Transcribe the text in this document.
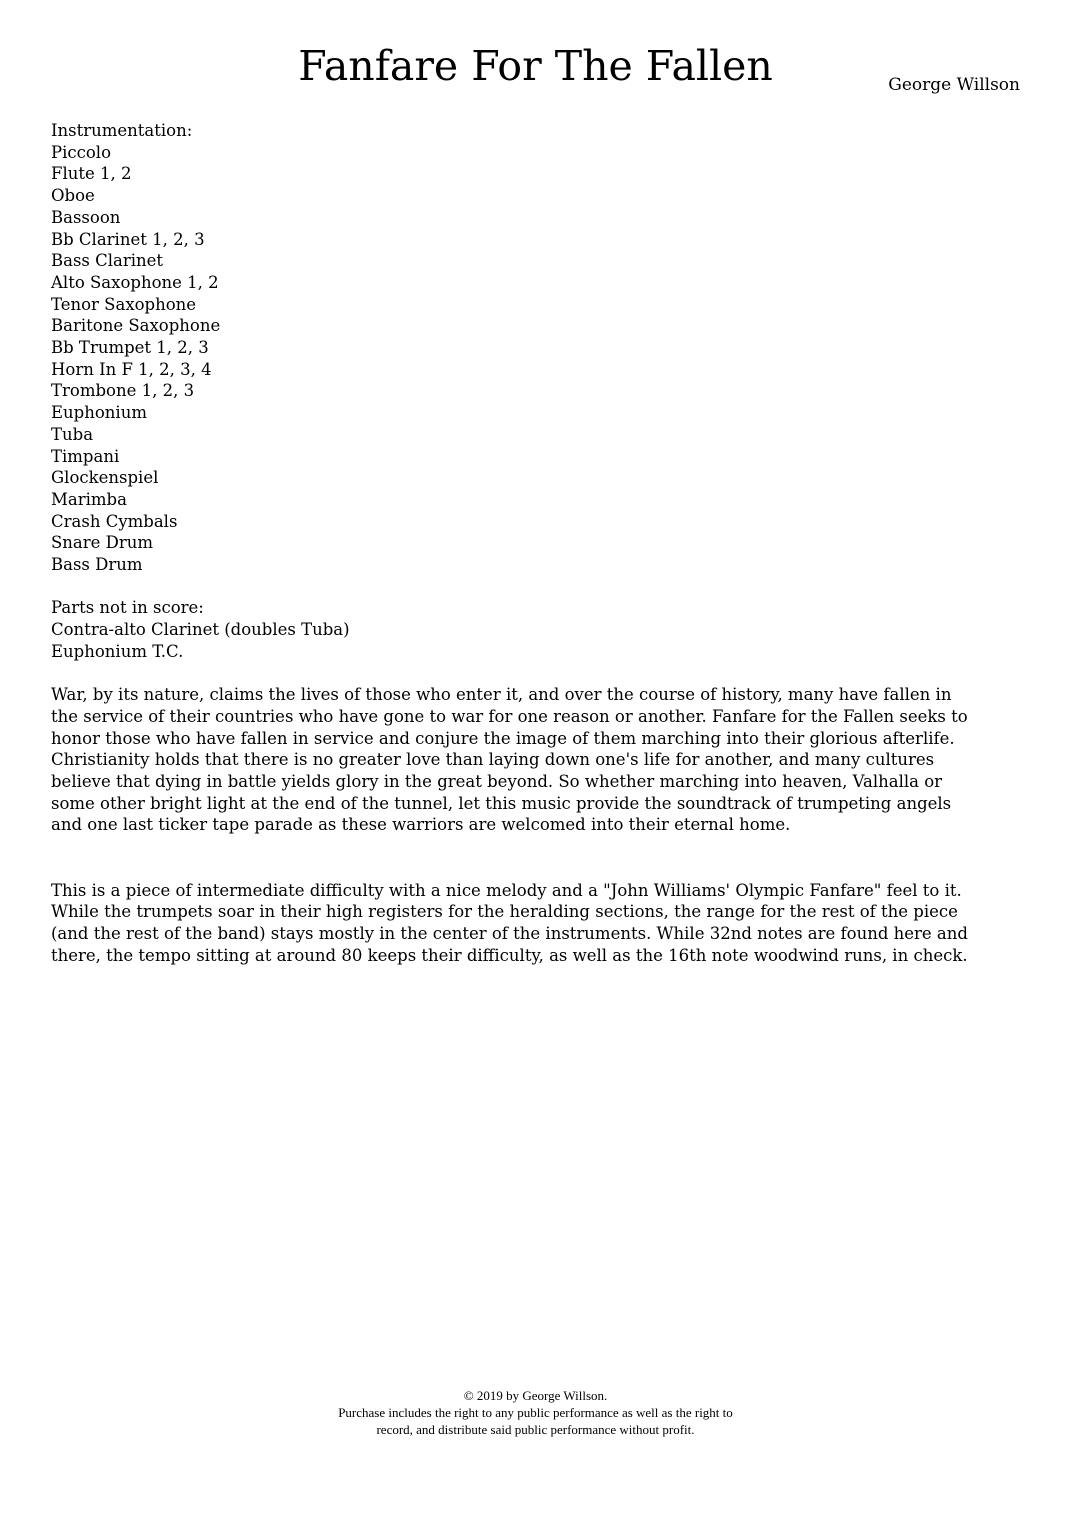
Fanfare For The Fallen	George Willson
Instrumentation:
Piccolo
Flute 1, 2
Oboe
Bassoon
Bb Clarinet 1, 2, 3
Bass Clarinet
Alto Saxophone 1, 2
Tenor Saxophone
Baritone Saxophone
Bb Trumpet 1, 2, 3
Horn In F 1, 2, 3, 4
Trombone 1, 2, 3
Euphonium
Tuba
Timpani
Glockenspiel
Marimba
Crash Cymbals
Snare Drum
Bass Drum
Parts not in score:
Contra-alto Clarinet (doubles Tuba)
Euphonium T.C.
War, by its nature, claims the lives of those who enter it, and over the course of history, many have fallen in
the service of their countries who have gone to war for one reason or another. Fanfare for the Fallen seeks to
honor those who have fallen in service and conjure the image of them marching into their glorious afterlife.
Christianity holds that there is no greater love than laying down one's life for another, and many cultures
believe that dying in battle yields glory in the great beyond. So whether marching into heaven, Valhalla or
some other bright light at the end of the tunnel, let this music provide the soundtrack of trumpeting angels
and one last ticker tape parade as these warriors are welcomed into their eternal home.
This is a piece of intermediate difficulty with a nice melody and a "John Williams' Olympic Fanfare" feel to it.
While the trumpets soar in their high registers for the heralding sections, the range for the rest of the piece
(and the rest of the band) stays mostly in the center of the instruments. While 32nd notes are found here and
there, the tempo sitting at around 80 keeps their difficulty, as well as the 16th note woodwind runs, in check.
© 2019 by George Willson.
Purchase includes the right to any public performance as well as the right to
record, and distribute said public performance without profit.
